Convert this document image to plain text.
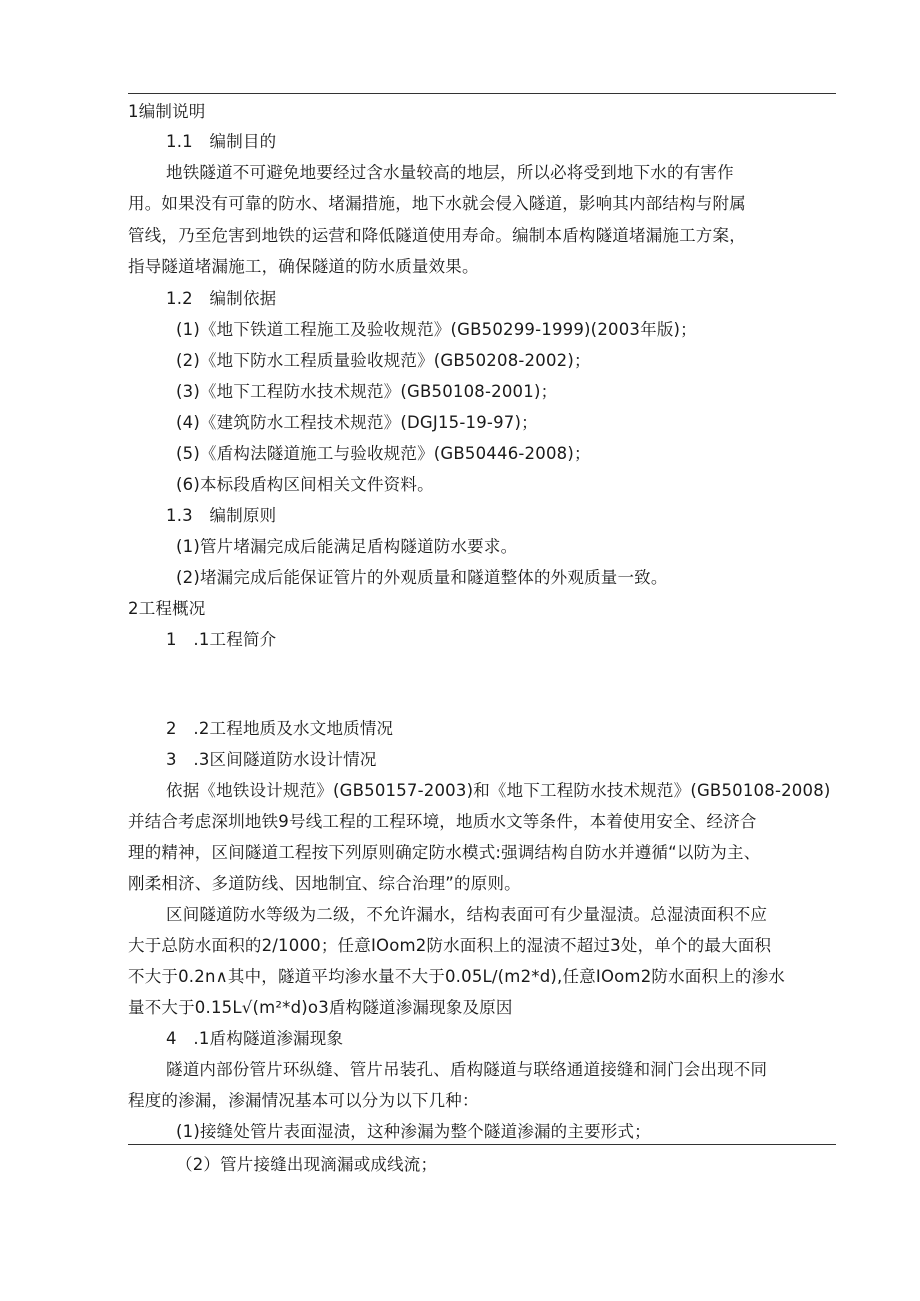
1编制说明
1.1　编制目的
地铁隧道不可避免地要经过含水量较高的地层，所以必将受到地下水的有害作
用。如果没有可靠的防水、堵漏措施，地下水就会侵入隧道，影响其内部结构与附属
管线，乃至危害到地铁的运营和降低隧道使用寿命。编制本盾构隧道堵漏施工方案，
指导隧道堵漏施工，确保隧道的防水质量效果。
1.2　编制依据
(1)《地下铁道工程施工及验收规范》(GB50299-1999)(2003年版)；
(2)《地下防水工程质量验收规范》(GB50208-2002)；
(3)《地下工程防水技术规范》(GB50108-2001)；
(4)《建筑防水工程技术规范》(DGJ15-19-97)；
(5)《盾构法隧道施工与验收规范》(GB50446-2008)；
(6)本标段盾构区间相关文件资料。
1.3　编制原则
(1)管片堵漏完成后能满足盾构隧道防水要求。
(2)堵漏完成后能保证管片的外观质量和隧道整体的外观质量一致。
2工程概况
1　.1工程简介
2　.2工程地质及水文地质情况
3　.3区间隧道防水设计情况
依据《地铁设计规范》(GB50157-2003)和《地下工程防水技术规范》(GB50108-2008)
并结合考虑深圳地铁9号线工程的工程环境，地质水文等条件，本着使用安全、经济合
理的精神，区间隧道工程按下列原则确定防水模式:强调结构自防水并遵循“以防为主、
刚柔相济、多道防线、因地制宜、综合治理”的原则。
区间隧道防水等级为二级，不允许漏水，结构表面可有少量湿渍。总湿渍面积不应
大于总防水面积的2/1000；任意IOom2防水面积上的湿渍不超过3处，单个的最大面积
不大于0.2n∧其中，隧道平均渗水量不大于0.05L∕(m2*d),任意IOom2防水面积上的渗水
量不大于0.15L√(m²*d)o3盾构隧道渗漏现象及原因
4　.1盾构隧道渗漏现象
隧道内部份管片环纵缝、管片吊装孔、盾构隧道与联络通道接缝和洞门会出现不同
程度的渗漏，渗漏情况基本可以分为以下几种：
(1)接缝处管片表面湿渍，这种渗漏为整个隧道渗漏的主要形式；
（2）管片接缝出现滴漏或成线流；
